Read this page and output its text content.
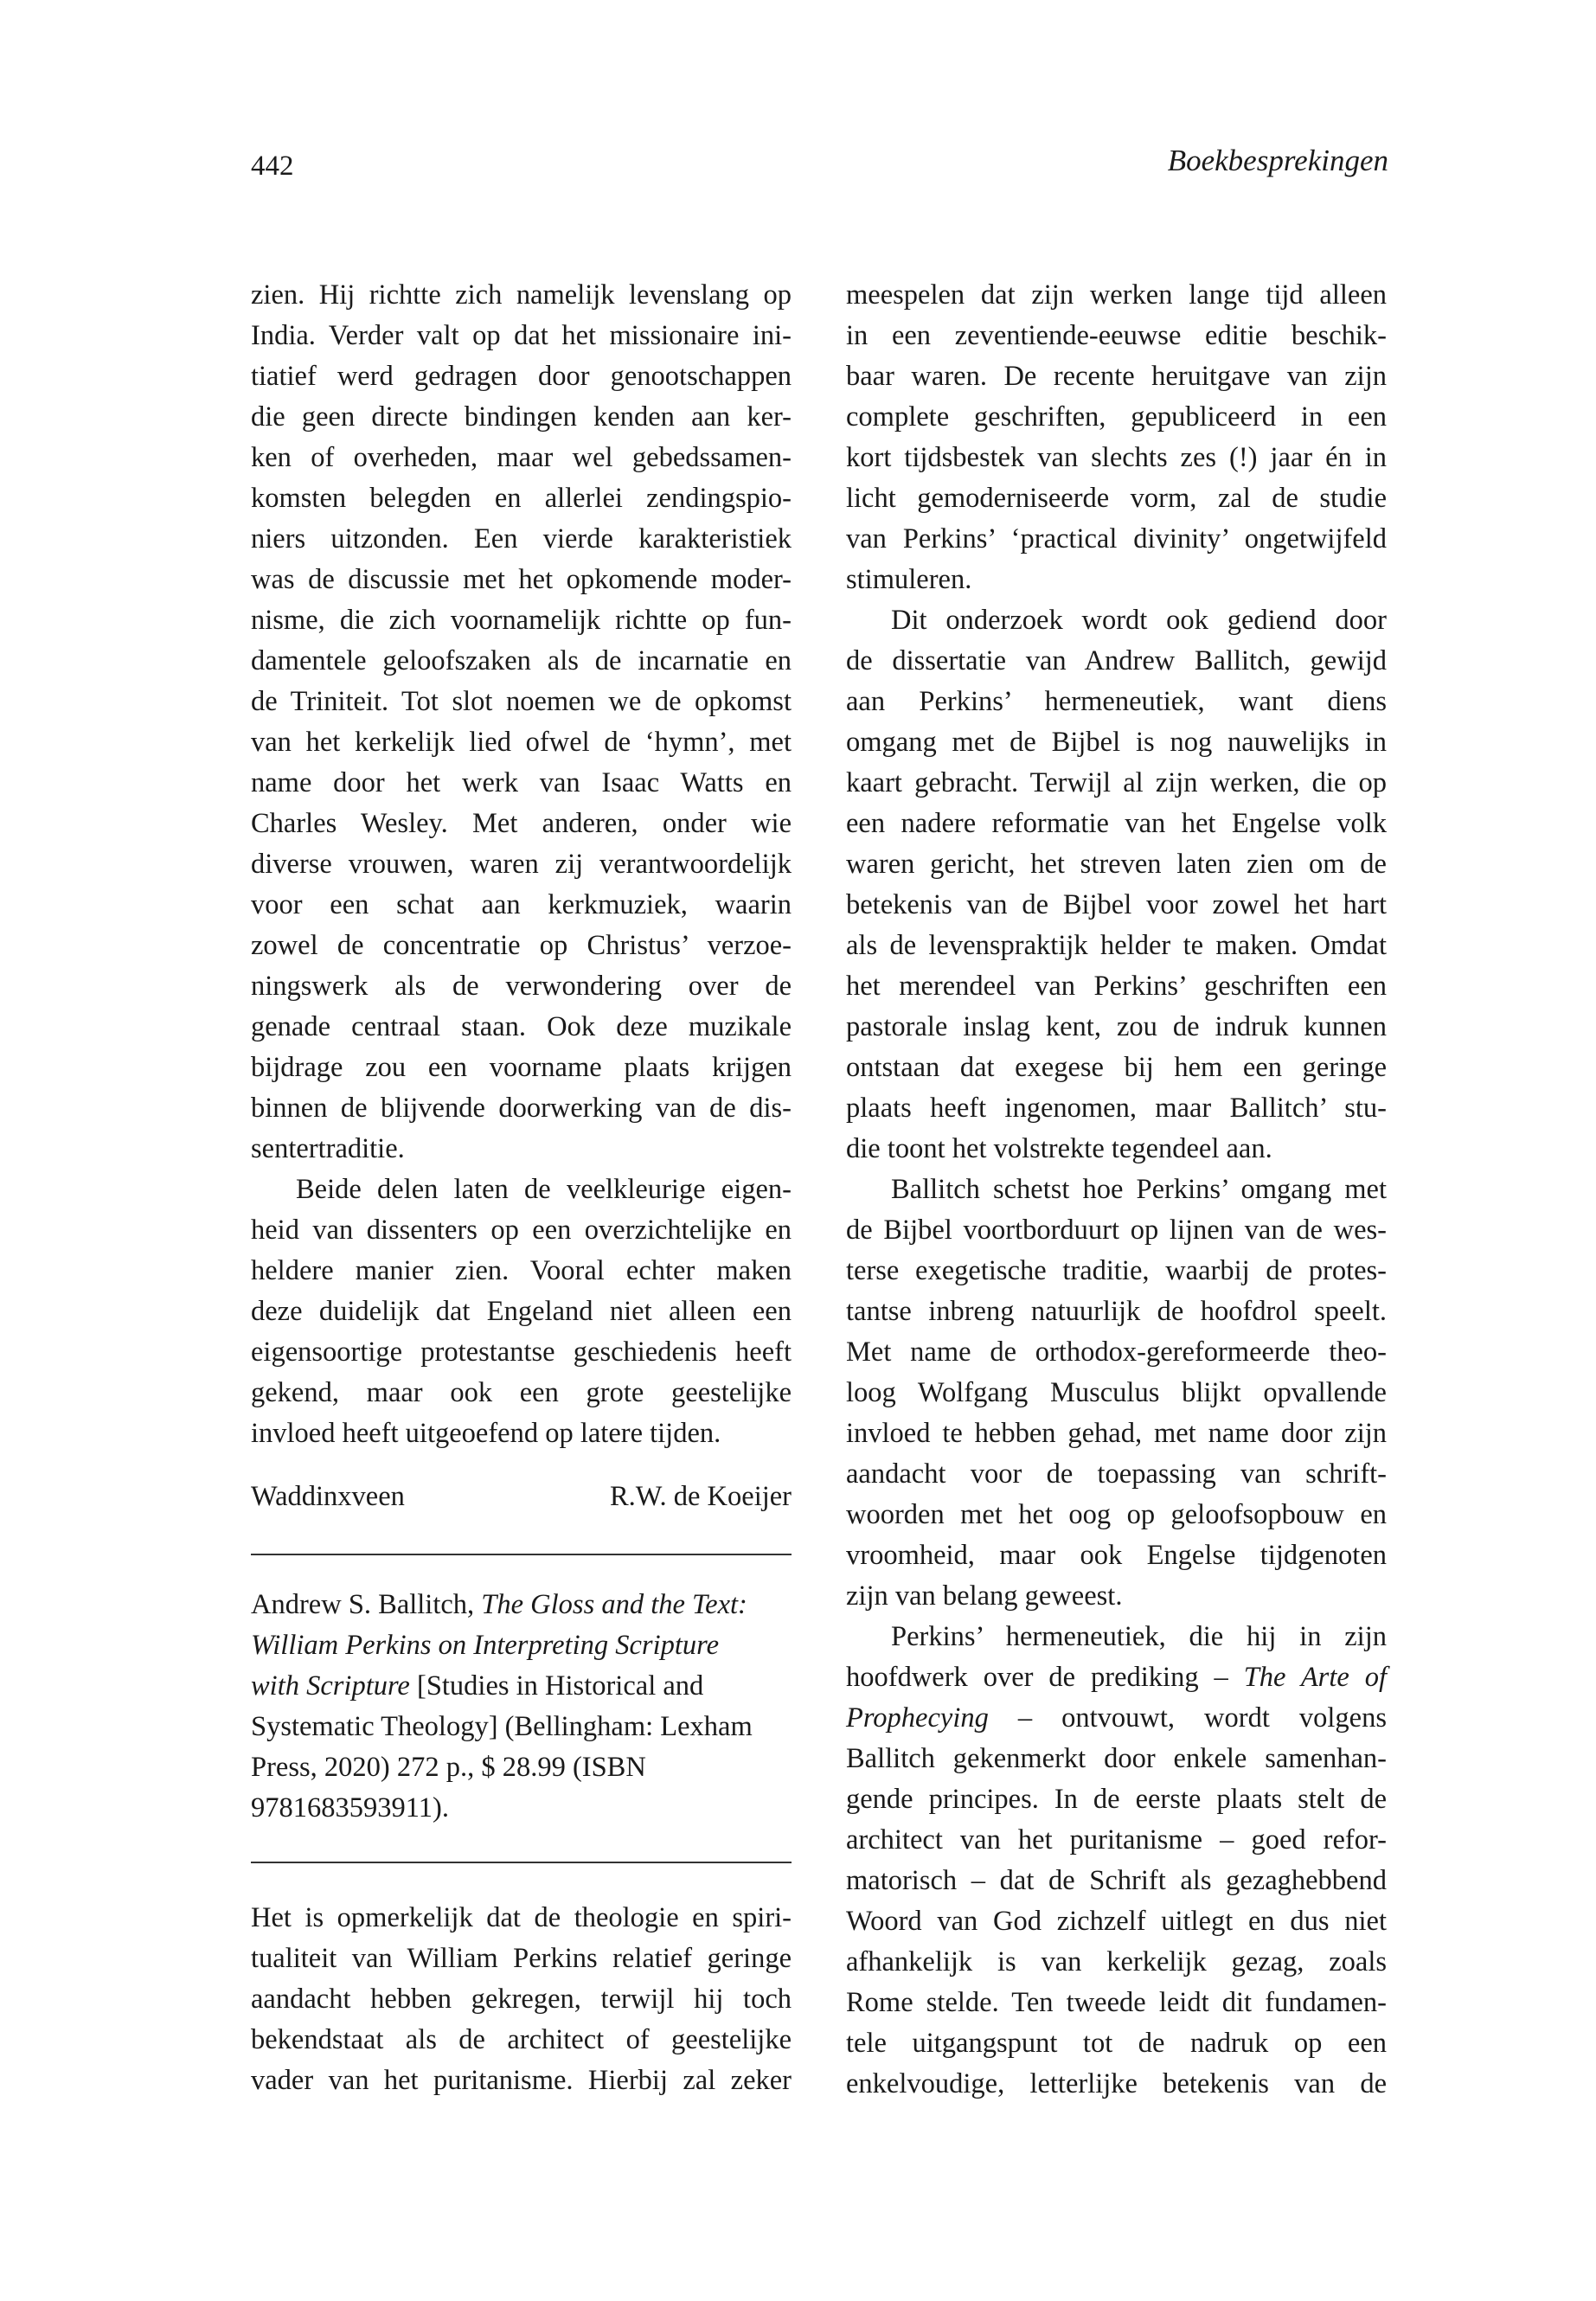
442	Boekbesprekingen
zien. Hij richtte zich namelijk levenslang op
India. Verder valt op dat het missionaire ini-
tiatief werd gedragen door genootschappen
die geen directe bindingen kenden aan ker-
ken of overheden, maar wel gebedssamen-
komsten belegden en allerlei zendingspio-
niers uitzonden. Een vierde karakteristiek
was de discussie met het opkomende moder-
nisme, die zich voornamelijk richtte op fun-
damentele geloofszaken als de incarnatie en
de Triniteit. Tot slot noemen we de opkomst
van het kerkelijk lied ofwel de ‘hymn’, met
name door het werk van Isaac Watts en
Charles Wesley. Met anderen, onder wie
diverse vrouwen, waren zij verantwoordelijk
voor een schat aan kerkmuziek, waarin
zowel de concentratie op Christus’ verzoe-
ningswerk als de verwondering over de
genade centraal staan. Ook deze muzikale
bijdrage zou een voorname plaats krijgen
binnen de blijvende doorwerking van de dis-
sentertraditie.
Beide delen laten de veelkleurige eigen-
heid van dissenters op een overzichtelijke en
heldere manier zien. Vooral echter maken
deze duidelijk dat Engeland niet alleen een
eigensoortige protestantse geschiedenis heeft
gekend, maar ook een grote geestelijke
invloed heeft uitgeoefend op latere tijden.
Waddinxveen	R.W. de Koeijer
Andrew S. Ballitch, The Gloss and the Text:
William Perkins on Interpreting Scripture
with Scripture [Studies in Historical and
Systematic Theology] (Bellingham: Lexham
Press, 2020) 272 p., $ 28.99 (ISBN
9781683593911).
Het is opmerkelijk dat de theologie en spiri-
tualiteit van William Perkins relatief geringe
aandacht hebben gekregen, terwijl hij toch
bekendstaat als de architect of geestelijke
vader van het puritanisme. Hierbij zal zeker
meespelen dat zijn werken lange tijd alleen
in een zeventiende-eeuwse editie beschik-
baar waren. De recente heruitgave van zijn
complete geschriften, gepubliceerd in een
kort tijdsbestek van slechts zes (!) jaar én in
licht gemoderniseerde vorm, zal de studie
van Perkins’ ‘practical divinity’ ongetwijfeld
stimuleren.
Dit onderzoek wordt ook gediend door
de dissertatie van Andrew Ballitch, gewijd
aan Perkins’ hermeneutiek, want diens
omgang met de Bijbel is nog nauwelijks in
kaart gebracht. Terwijl al zijn werken, die op
een nadere reformatie van het Engelse volk
waren gericht, het streven laten zien om de
betekenis van de Bijbel voor zowel het hart
als de levenspraktijk helder te maken. Omdat
het merendeel van Perkins’ geschriften een
pastorale inslag kent, zou de indruk kunnen
ontstaan dat exegese bij hem een geringe
plaats heeft ingenomen, maar Ballitch’ stu-
die toont het volstrekte tegendeel aan.
Ballitch schetst hoe Perkins’ omgang met
de Bijbel voortborduurt op lijnen van de wes-
terse exegetische traditie, waarbij de protes-
tantse inbreng natuurlijk de hoofdrol speelt.
Met name de orthodox-gereformeerde theo-
loog Wolfgang Musculus blijkt opvallende
invloed te hebben gehad, met name door zijn
aandacht voor de toepassing van schrift-
woorden met het oog op geloofsopbouw en
vroomheid, maar ook Engelse tijdgenoten
zijn van belang geweest.
Perkins’ hermeneutiek, die hij in zijn
hoofdwerk over de prediking – The Arte of
Prophecying – ontvouwt, wordt volgens
Ballitch gekenmerkt door enkele samenhan-
gende principes. In de eerste plaats stelt de
architect van het puritanisme – goed refor-
matorisch – dat de Schrift als gezaghebbend
Woord van God zichzelf uitlegt en dus niet
afhankelijk is van kerkelijk gezag, zoals
Rome stelde. Ten tweede leidt dit fundamen-
tele uitgangspunt tot de nadruk op een
enkelvoudige, letterlijke betekenis van de
